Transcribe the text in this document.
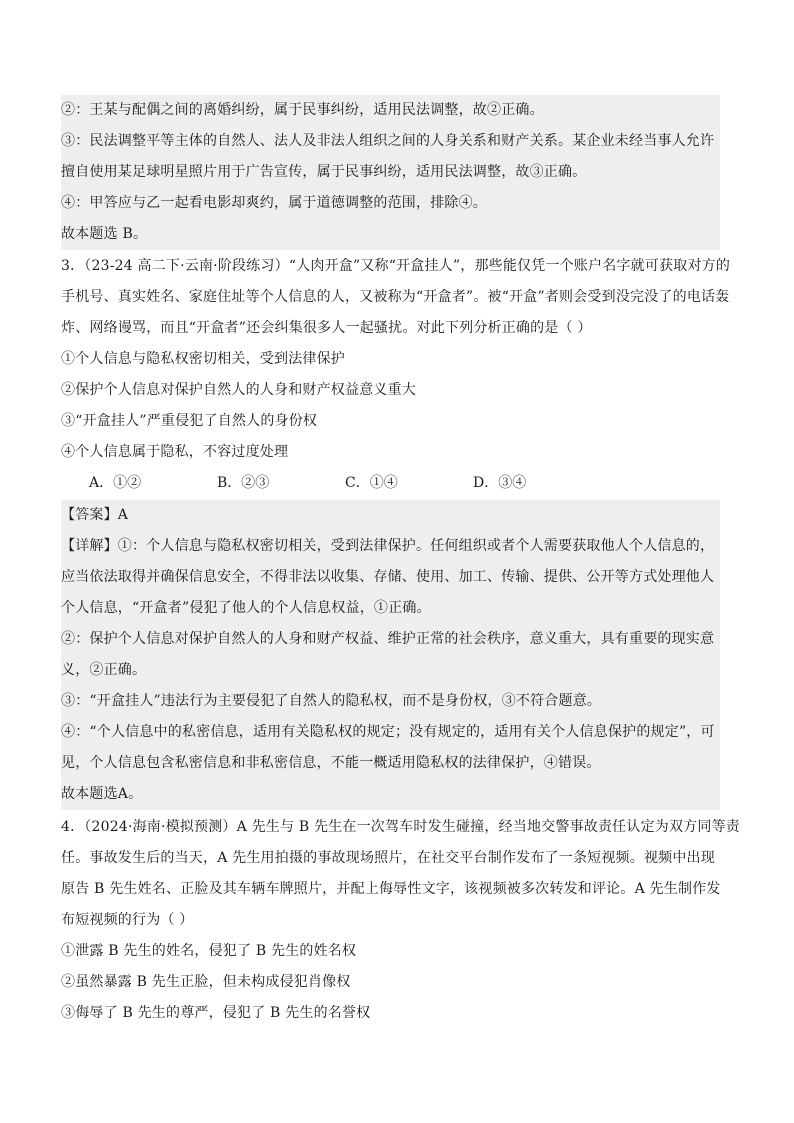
②：王某与配偶之间的离婚纠纷，属于民事纠纷，适用民法调整，故②正确。
③：民法调整平等主体的自然人、法人及非法人组织之间的人身关系和财产关系。某企业未经当事人允许
擅自使用某足球明星照片用于广告宣传，属于民事纠纷，适用民法调整，故③正确。
④：甲答应与乙一起看电影却爽约，属于道德调整的范围，排除④。
故本题选 B。
3．（23-24 高二下·云南·阶段练习）“人肉开盒”又称“开盒挂人”，那些能仅凭一个账户名字就可获取对方的
手机号、真实姓名、家庭住址等个人信息的人，又被称为“开盒者”。被“开盒”者则会受到没完没了的电话轰
炸、网络谩骂，而且“开盒者”还会纠集很多人一起骚扰。对此下列分析正确的是（ ）
①个人信息与隐私权密切相关，受到法律保护
②保护个人信息对保护自然人的人身和财产权益意义重大
③“开盒挂人”严重侵犯了自然人的身份权
④个人信息属于隐私，不容过度处理
A．①②	B．②③	C．①④	D．③④
【答案】A
【详解】①：个人信息与隐私权密切相关，受到法律保护。任何组织或者个人需要获取他人个人信息的，
应当依法取得并确保信息安全，不得非法以收集、存储、使用、加工、传输、提供、公开等方式处理他人
个人信息，“开盒者”侵犯了他人的个人信息权益，①正确。
②：保护个人信息对保护自然人的人身和财产权益、维护正常的社会秩序，意义重大，具有重要的现实意
义，②正确。
③：“开盒挂人”违法行为主要侵犯了自然人的隐私权，而不是身份权，③不符合题意。
④：“个人信息中的私密信息，适用有关隐私权的规定；没有规定的，适用有关个人信息保护的规定”，可
见，个人信息包含私密信息和非私密信息，不能一概适用隐私权的法律保护，④错误。
故本题选A。
4．（2024·海南·模拟预测）A 先生与 B 先生在一次驾车时发生碰撞，经当地交警事故责任认定为双方同等责
任。事故发生后的当天，A 先生用拍摄的事故现场照片，在社交平台制作发布了一条短视频。视频中出现
原告 B 先生姓名、正脸及其车辆车牌照片，并配上侮辱性文字，该视频被多次转发和评论。A 先生制作发
布短视频的行为（ ）
①泄露 B 先生的姓名，侵犯了 B 先生的姓名权
②虽然暴露 B 先生正脸，但未构成侵犯肖像权
③侮辱了 B 先生的尊严，侵犯了 B 先生的名誉权
